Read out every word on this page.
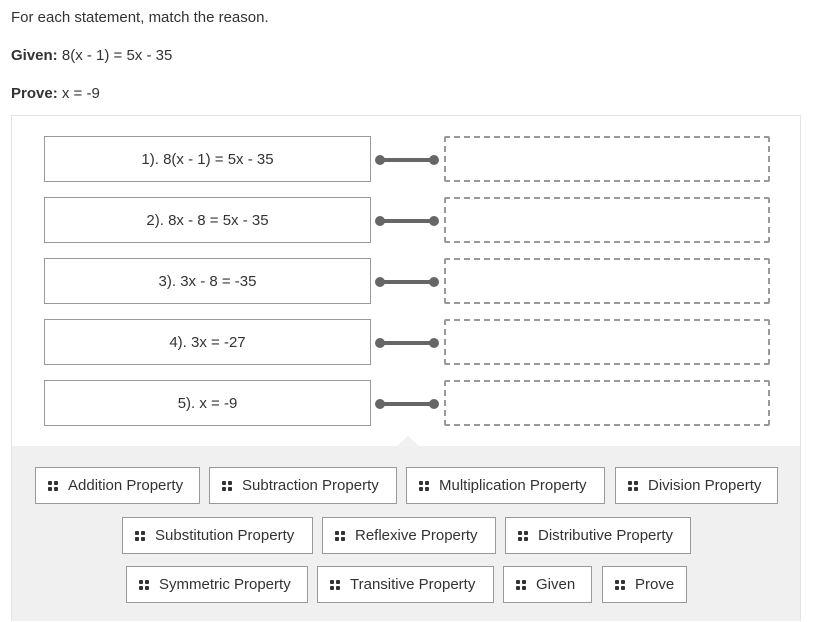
For each statement, match the reason.
Given: 8(x - 1) = 5x - 35
Prove: x = -9
1). 8(x - 1) = 5x - 35
2). 8x - 8 = 5x - 35
3). 3x - 8 = -35
4). 3x = -27
5). x = -9
Addition Property	Subtraction Property	Multiplication Property	Division Property
Substitution Property	Reflexive Property	Distributive Property
Symmetric Property	Transitive Property	Given	Prove
